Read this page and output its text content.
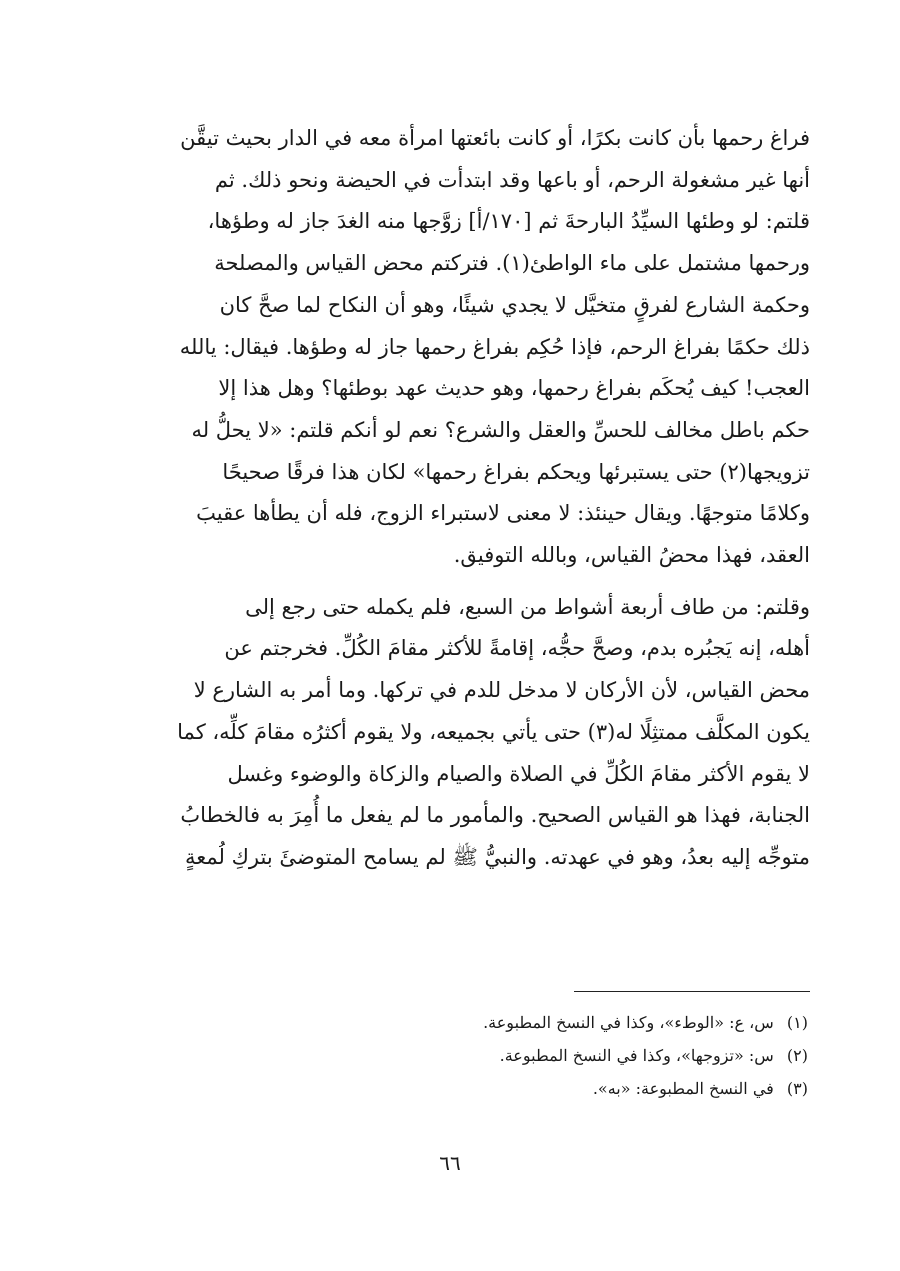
فراغ رحمها بأن كانت بكرًا، أو كانت بائعتها امرأة معه في الدار بحيث تيقَّن
أنها غير مشغولة الرحم، أو باعها وقد ابتدأت في الحيضة ونحو ذلك. ثم
قلتم: لو وطئها السيِّدُ البارحةَ ثم [١٧٠/أ] زوَّجها منه الغدَ جاز له وطؤها،
ورحمها مشتمل على ماء الواطئ(١). فتركتم محض القياس والمصلحة
وحكمة الشارع لفرقٍ متخيَّل لا يجدي شيئًا، وهو أن النكاح لما صحَّ كان
ذلك حكمًا بفراغ الرحم، فإذا حُكِم بفراغ رحمها جاز له وطؤها. فيقال: يالله
العجب! كيف يُحكَم بفراغ رحمها، وهو حديث عهد بوطئها؟ وهل هذا إلا
حكم باطل مخالف للحسِّ والعقل والشرع؟ نعم لو أنكم قلتم: «لا يحلُّ له
تزويجها(٢) حتى يستبرئها ويحكم بفراغ رحمها» لكان هذا فرقًا صحيحًا
وكلامًا متوجهًا. ويقال حينئذ: لا معنى لاستبراء الزوج، فله أن يطأها عقيبَ
العقد، فهذا محضُ القياس، وبالله التوفيق.

وقلتم: من طاف أربعة أشواط من السبع، فلم يكمله حتى رجع إلى
أهله، إنه يَجبُره بدم، وصحَّ حجُّه، إقامةً للأكثر مقامَ الكُلِّ. فخرجتم عن
محض القياس، لأن الأركان لا مدخل للدم في تركها. وما أمر به الشارع لا
يكون المكلَّف ممتثِلًا له(٣) حتى يأتي بجميعه، ولا يقوم أكثرُه مقامَ كلِّه، كما
لا يقوم الأكثر مقامَ الكُلِّ في الصلاة والصيام والزكاة والوضوء وغسل
الجنابة، فهذا هو القياس الصحيح. والمأمور ما لم يفعل ما أُمِرَ به فالخطابُ
متوجِّه إليه بعدُ، وهو في عهدته. والنبيُّ ﷺ لم يسامح المتوضئَ بتركِ لُمعةٍ

(١) س، ع: «الوطء»، وكذا في النسخ المطبوعة.
(٢) س: «تزوجها»، وكذا في النسخ المطبوعة.
(٣) في النسخ المطبوعة: «به».
٦٦
